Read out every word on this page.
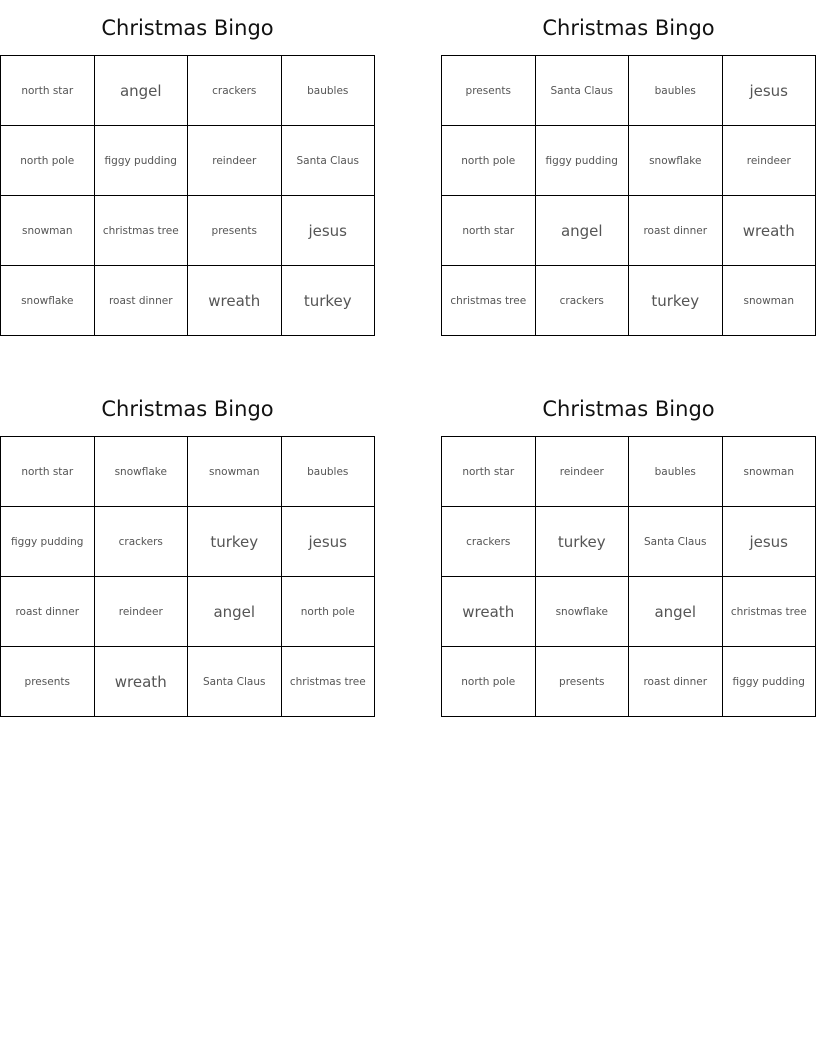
Christmas Bingo
north star	angel	crackers	baubles
north pole	figgy pudding	reindeer	Santa Claus
snowman	christmas tree	presents	jesus
snowflake	roast dinner	wreath	turkey
Christmas Bingo
presents	Santa Claus	baubles	jesus
north pole	figgy pudding	snowflake	reindeer
north star	angel	roast dinner	wreath
christmas tree	crackers	turkey	snowman
Christmas Bingo
north star	snowflake	snowman	baubles
figgy pudding	crackers	turkey	jesus
roast dinner	reindeer	angel	north pole
presents	wreath	Santa Claus	christmas tree
Christmas Bingo
north star	reindeer	baubles	snowman
crackers	turkey	Santa Claus	jesus
wreath	snowflake	angel	christmas tree
north pole	presents	roast dinner	figgy pudding
